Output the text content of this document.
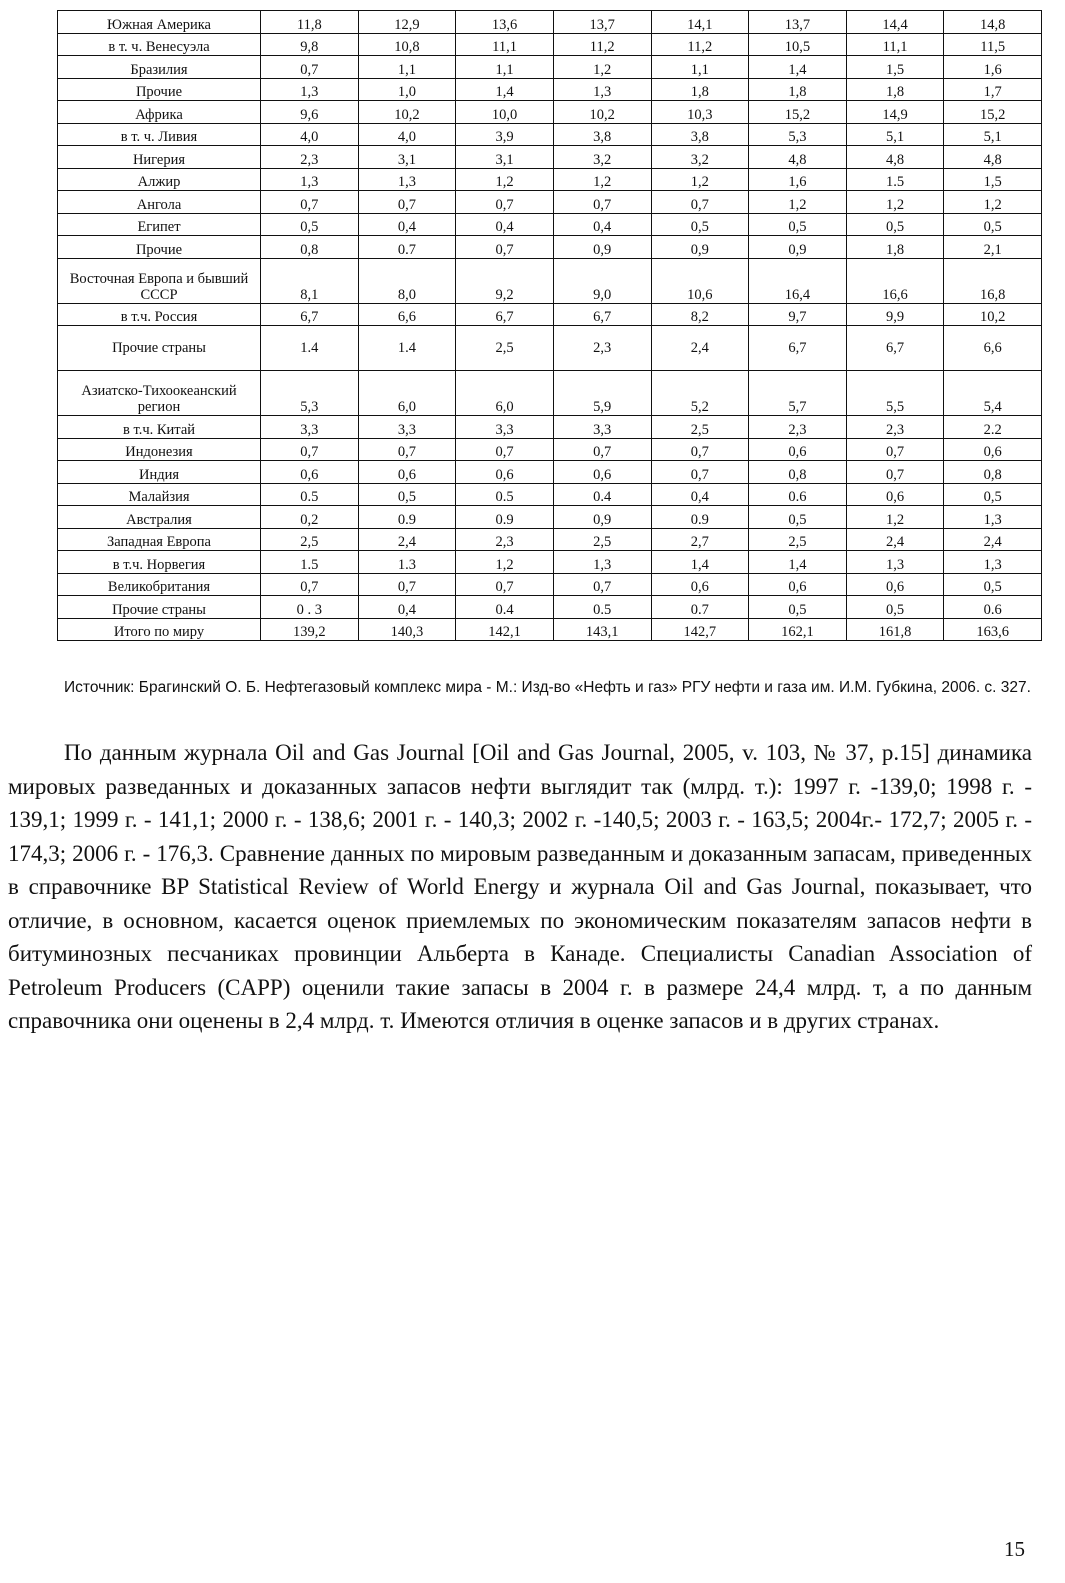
Южная Америка	11,8	12,9	13,6	13,7	14,1	13,7	14,4	14,8
в т. ч. Венесуэла	9,8	10,8	11,1	11,2	11,2	10,5	11,1	11,5
Бразилия	0,7	1,1	1,1	1,2	1,1	1,4	1,5	1,6
Прочие	1,3	1,0	1,4	1,3	1,8	1,8	1,8	1,7
Африка	9,6	10,2	10,0	10,2	10,3	15,2	14,9	15,2
в т. ч. Ливия	4,0	4,0	3,9	3,8	3,8	5,3	5,1	5,1
Нигерия	2,3	3,1	3,1	3,2	3,2	4,8	4,8	4,8
Алжир	1,3	1,3	1,2	1,2	1,2	1,6	1.5	1,5
Ангола	0,7	0,7	0,7	0,7	0,7	1,2	1,2	1,2
Египет	0,5	0,4	0,4	0,4	0,5	0,5	0,5	0,5
Прочие	0,8	0.7	0,7	0,9	0,9	0,9	1,8	2,1
Восточная Европа и бывший СССР	8,1	8,0	9,2	9,0	10,6	16,4	16,6	16,8
в т.ч. Россия	6,7	6,6	6,7	6,7	8,2	9,7	9,9	10,2
Прочие страны	1.4	1.4	2,5	2,3	2,4	6,7	6,7	6,6
Азиатско-Тихоокеанский регион	5,3	6,0	6,0	5,9	5,2	5,7	5,5	5,4
в т.ч. Китай	3,3	3,3	3,3	3,3	2,5	2,3	2,3	2.2
Индонезия	0,7	0,7	0,7	0,7	0,7	0,6	0,7	0,6
Индия	0,6	0,6	0,6	0,6	0,7	0,8	0,7	0,8
Малайзия	0.5	0,5	0.5	0.4	0,4	0.6	0,6	0,5
Австралия	0,2	0.9	0.9	0,9	0.9	0,5	1,2	1,3
Западная Европа	2,5	2,4	2,3	2,5	2,7	2,5	2,4	2,4
в т.ч. Норвегия	1.5	1.3	1,2	1,3	1,4	1,4	1,3	1,3
Великобритания	0,7	0,7	0,7	0,7	0,6	0,6	0,6	0,5
Прочие страны	0 . 3	0,4	0.4	0.5	0.7	0,5	0,5	0.6
Итого по миру	139,2	140,3	142,1	143,1	142,7	162,1	161,8	163,6
Источник: Брагинский О. Б. Нефтегазовый комплекс мира - М.: Изд-во «Нефть и газ» РГУ нефти и газа им. И.М. Губкина, 2006. с. 327.
По данным журнала Oil and Gas Journal [Oil and Gas Journal, 2005, v. 103, № 37, p.15] динамика мировых разведанных и доказанных запасов нефти выглядит так (млрд. т.): 1997 г. -139,0; 1998 г. - 139,1; 1999 г. - 141,1; 2000 г. - 138,6; 2001 г. - 140,3; 2002 г. -140,5; 2003 г. - 163,5; 2004г.- 172,7; 2005 г. - 174,3; 2006 г. - 176,3. Сравнение данных по мировым разведанным и доказанным запасам, приведенных в справочнике BP Statistical Review of World Energy и журнала Oil and Gas Journal, показывает, что отличие, в основном, касается оценок приемлемых по экономическим показателям запасов нефти в битуминозных песчаниках провинции Альберта в Канаде. Специалисты Canadian Association of Petroleum Producers (CAPP) оценили такие запасы в 2004 г. в размере 24,4 млрд. т, а по данным справочника они оценены в 2,4 млрд. т. Имеются отличия в оценке запасов и в других странах.
15
